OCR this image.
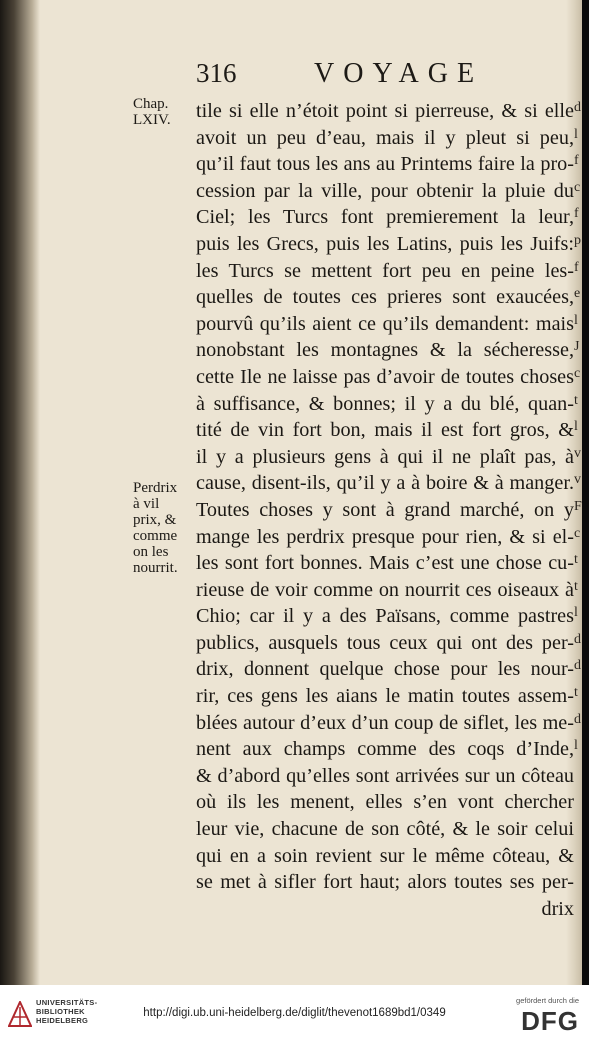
316	VOYAGE
Chap.
LXIV.
Perdrix
à vil
prix, &
comme
on les
nourrit.
tile si elle n’étoit point si pierreuse, & si elle
avoit un peu d’eau, mais il y pleut si peu,
qu’il faut tous les ans au Printems faire la pro-
cession par la ville, pour obtenir la pluie du
Ciel; les Turcs font premierement la leur,
puis les Grecs, puis les Latins, puis les Juifs:
les Turcs se mettent fort peu en peine les-
quelles de toutes ces prieres sont exaucées,
pourvû qu’ils aient ce qu’ils demandent: mais
nonobstant les montagnes & la sécheresse,
cette Ile ne laisse pas d’avoir de toutes choses
à suffisance, & bonnes; il y a du blé, quan-
tité de vin fort bon, mais il est fort gros, &
il y a plusieurs gens à qui il ne plaît pas, à
cause, disent-ils, qu’il y a à boire & à manger.
Toutes choses y sont à grand marché, on y
mange les perdrix presque pour rien, & si el-
les sont fort bonnes. Mais c’est une chose cu-
rieuse de voir comme on nourrit ces oiseaux à
Chio; car il y a des Païsans, comme pastres
publics, ausquels tous ceux qui ont des per-
drix, donnent quelque chose pour les nour-
rir, ces gens les aians le matin toutes assem-
blées autour d’eux d’un coup de siflet, les me-
nent aux champs comme des coqs d’Inde,
& d’abord qu’elles sont arrivées sur un côteau
où ils les menent, elles s’en vont chercher
leur vie, chacune de son côté, & le soir celui
qui en a soin revient sur le même côteau, &
se met à sifler fort haut; alors toutes ses per-
drix
d
l
f
c
f
p
f
e
l
J
c
t
l
v
v
F
c
t
t
l
d
d
t
d
l
UNIVERSITÄTS-
BIBLIOTHEK
HEIDELBERG
http://digi.ub.uni-heidelberg.de/diglit/thevenot1689bd1/0349
gefördert durch die
DFG
